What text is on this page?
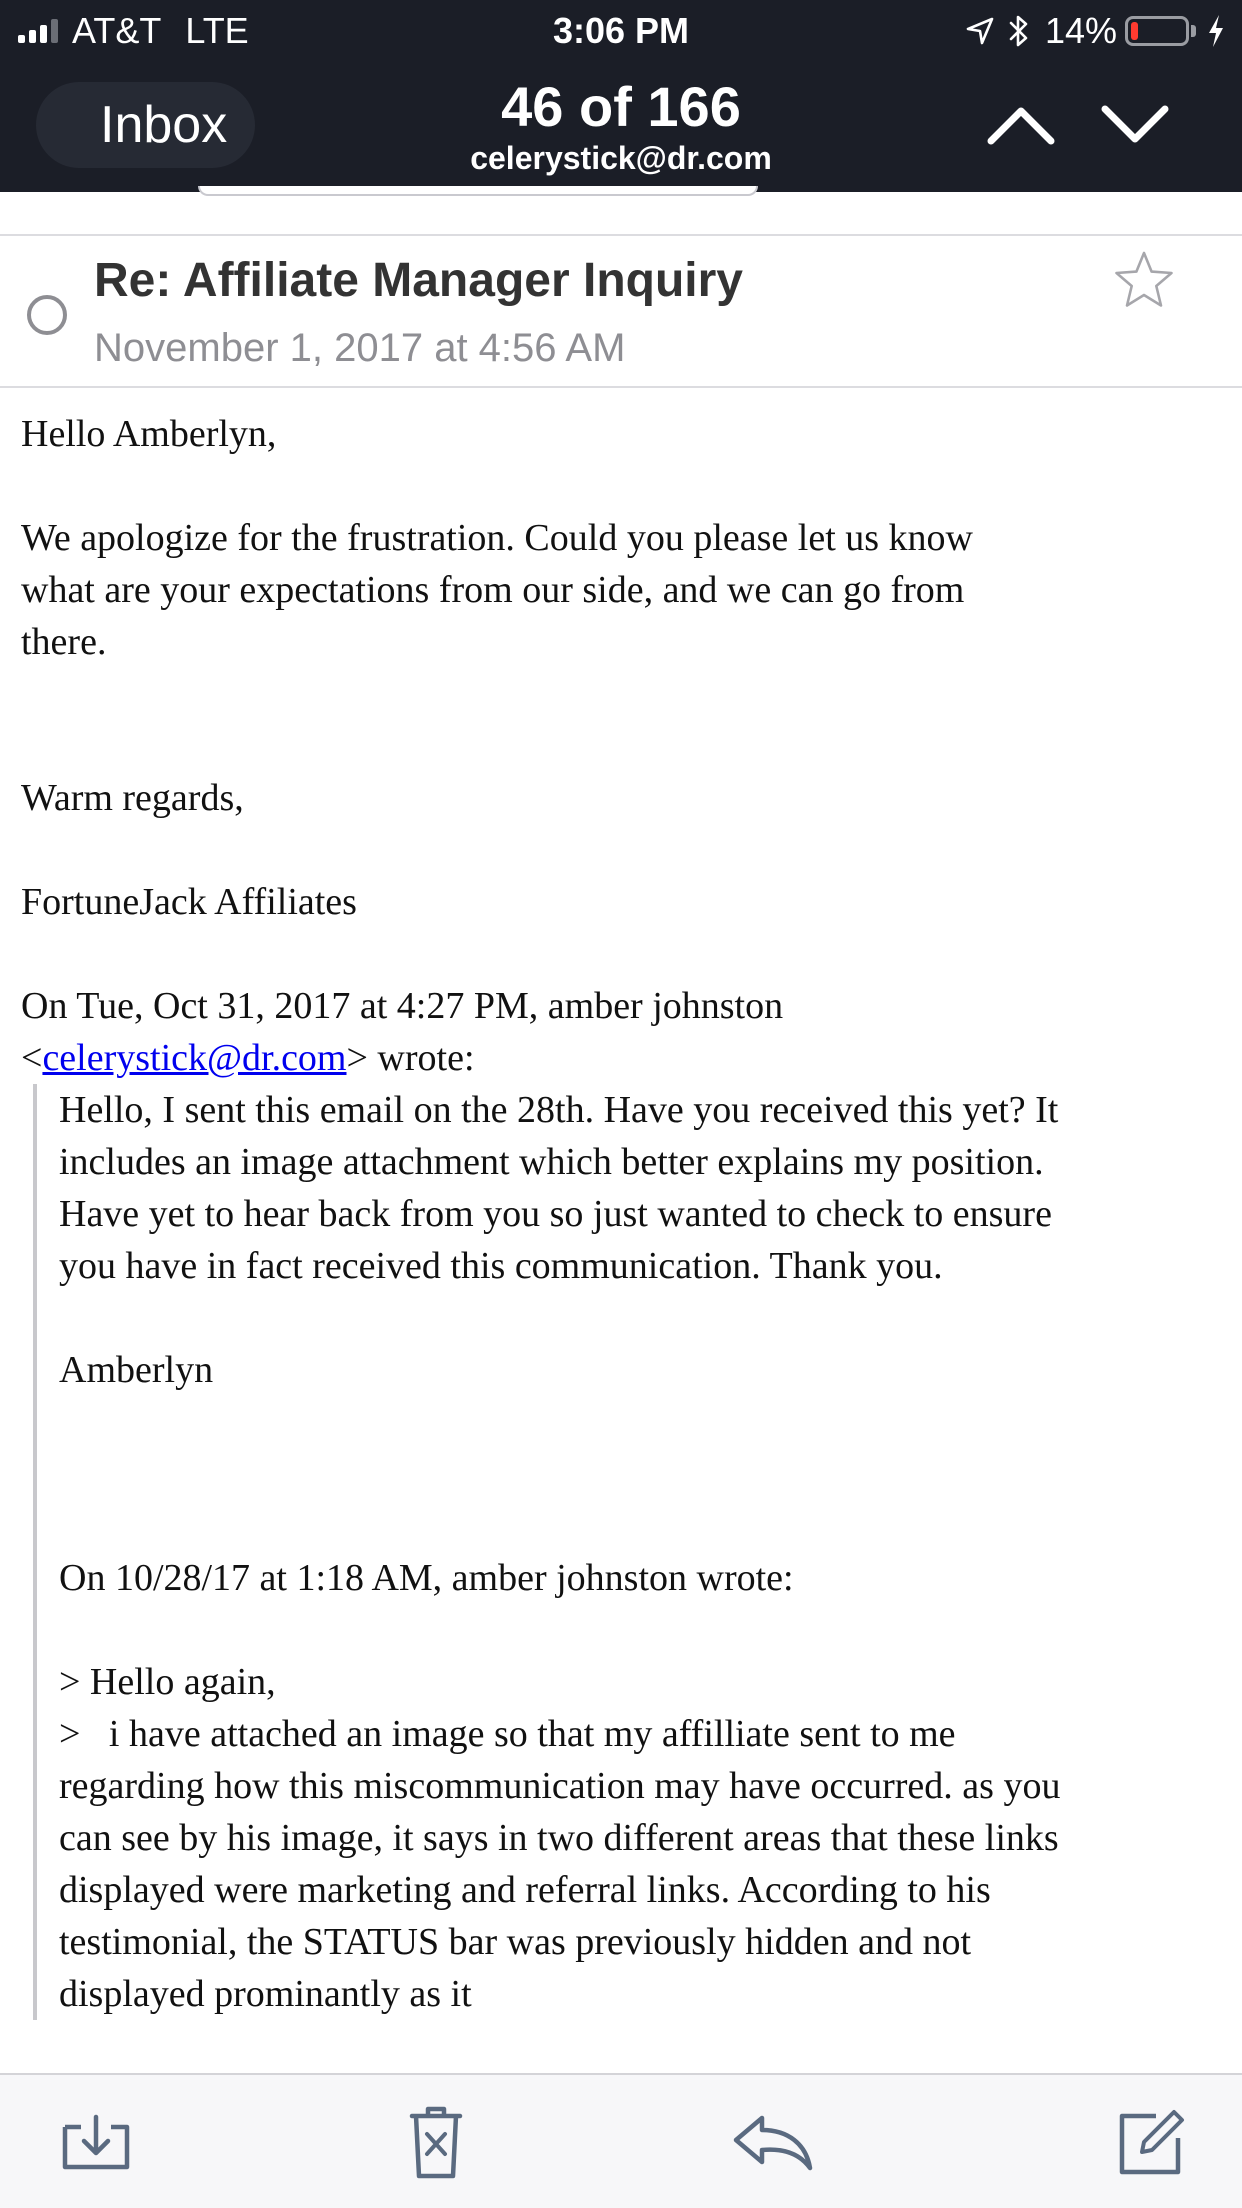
AT&T LTE	3:06 PM	14%
Inbox	46 of 166
celerystick@dr.com
Re: Affiliate Manager Inquiry
November 1, 2017 at 4:56 AM

Hello Amberlyn,

We apologize for the frustration. Could you please let us know what are your expectations from our side, and we can go from there.

Warm regards,

FortuneJack Affiliates

On Tue, Oct 31, 2017 at 4:27 PM, amber johnston

<celerystick@dr.com> wrote:

Hello, I sent this email on the 28th. Have you received this yet? It includes an image attachment which better explains my position. Have yet to hear back from you so just wanted to check to ensure you have in fact received this communication. Thank you.

Amberlyn

On 10/28/17 at 1:18 AM, amber johnston wrote:

> Hello again,

>   i have attached an image so that my affilliate sent to me regarding how this miscommunication may have occurred. as you can see by his image, it says in two different areas that these links displayed were marketing and referral links. According to his testimonial, the STATUS bar was previously hidden and not displayed prominantly as it
